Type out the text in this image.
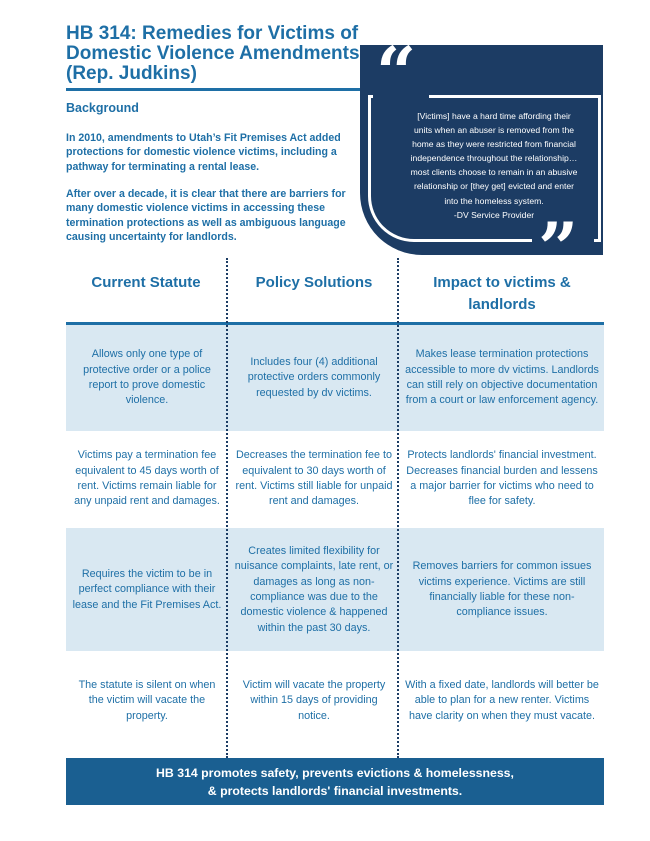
HB 314: Remedies for Victims of Domestic Violence Amendments (Rep. Judkins)
Background

In 2010, amendments to Utah’s Fit Premises Act added protections for domestic violence victims, including a pathway for terminating a rental lease.

After over a decade, it is clear that there are barriers for many domestic violence victims in accessing these termination protections as well as ambiguous language causing uncertainty for landlords.

“
”
[Victims] have a hard time affording their units when an abuser is removed from the home as they were restricted from financial independence throughout the relationship…most clients choose to remain in an abusive relationship or [they get] evicted and enter into the homeless system.
-DV Service Provider
Current Statute	Policy Solutions	Impact to victims & landlords
Allows only one type of protective order or a police report to prove domestic violence.
Includes four (4) additional protective orders commonly requested by dv victims.
Makes lease termination protections accessible to more dv victims. Landlords can still rely on objective documentation from a court or law enforcement agency.
Victims pay a termination fee equivalent to 45 days worth of rent. Victims remain liable for any unpaid rent and damages.
Decreases the termination fee to equivalent to 30 days worth of rent. Victims still liable for unpaid rent and damages.
Protects landlords' financial investment. Decreases financial burden and lessens a major barrier for victims who need to flee for safety.
Requires the victim to be in perfect compliance with their lease and the Fit Premises Act.
Creates limited flexibility for nuisance complaints, late rent, or damages as long as non-compliance was due to the domestic violence & happened within the past 30 days.
Removes barriers for common issues victims experience. Victims are still financially liable for these non-compliance issues.
The statute is silent on when the victim will vacate the property.
Victim will vacate the property within 15 days of providing notice.
With a fixed date, landlords will better be able to plan for a new renter. Victims have clarity on when they must vacate.
HB 314 promotes safety, prevents evictions & homelessness,
& protects landlords' financial investments.
